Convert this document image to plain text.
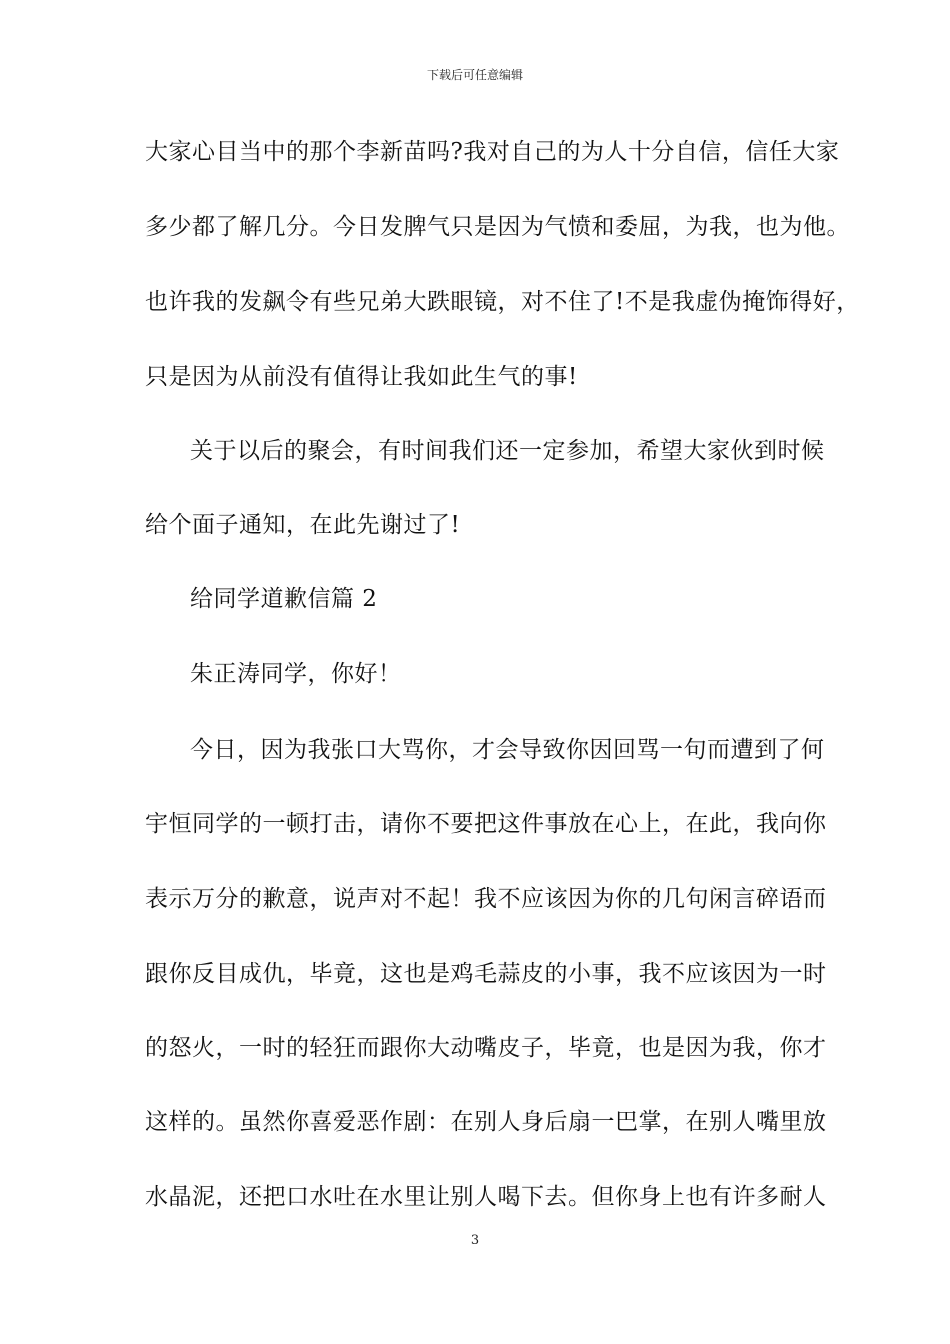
下载后可任意编辑
大家心目当中的那个李新苗吗?我对自己的为人十分自信，信任大家
多少都了解几分。今日发脾气只是因为气愤和委屈，为我，也为他。
也许我的发飙令有些兄弟大跌眼镜，对不住了!不是我虚伪掩饰得好，
只是因为从前没有值得让我如此生气的事!
关于以后的聚会，有时间我们还一定参加，希望大家伙到时候
给个面子通知，在此先谢过了!
给同学道歉信篇 2
朱正涛同学，你好！
今日，因为我张口大骂你，才会导致你因回骂一句而遭到了何
宇恒同学的一顿打击，请你不要把这件事放在心上，在此，我向你
表示万分的歉意，说声对不起！我不应该因为你的几句闲言碎语而
跟你反目成仇，毕竟，这也是鸡毛蒜皮的小事，我不应该因为一时
的怒火，一时的轻狂而跟你大动嘴皮子，毕竟，也是因为我，你才
这样的。虽然你喜爱恶作剧：在别人身后扇一巴掌，在别人嘴里放
水晶泥，还把口水吐在水里让别人喝下去。但你身上也有许多耐人
3
